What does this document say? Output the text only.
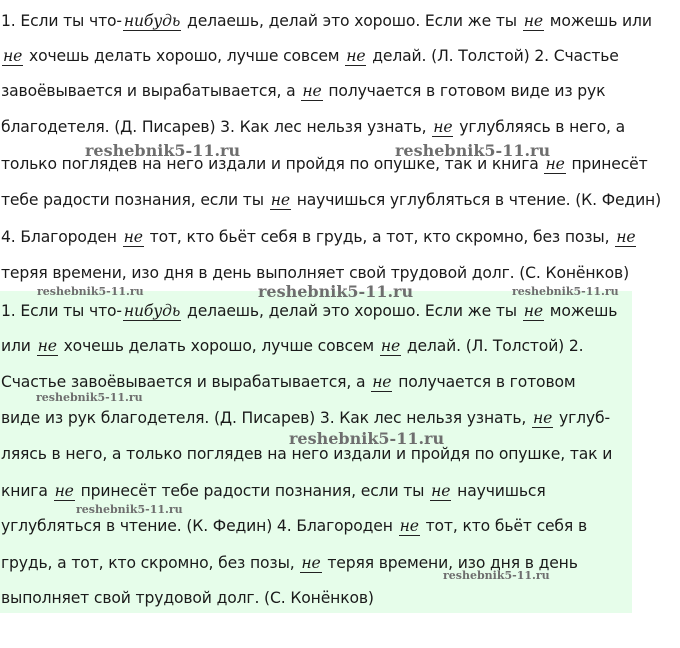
1. Если ты что- нибудь делаешь, делай это хорошо. Если же ты не можешь или
не хочешь делать хорошо, лучше совсем не делай. (Л. Толстой) 2. Счастье
завоёвывается и вырабатывается, а не получается в готовом виде из рук
благодетеля. (Д. Писарев) 3. Как лес нельзя узнать, не углубляясь в него, а
только поглядев на него издали и пройдя по опушке, так и книга не принесёт
тебе радости познания, если ты не научишься углубляться в чтение. (К. Федин)
4. Благороден не тот, кто бьёт себя в грудь, а тот, кто скромно, без позы, не
теряя времени, изо дня в день выполняет свой трудовой долг. (С. Конёнков)
1. Если ты что- нибудь делаешь, делай это хорошо. Если же ты не можешь
или не хочешь делать хорошо, лучше совсем не делай. (Л. Толстой) 2.
Счастье завоёвывается и вырабатывается, а не получается в готовом
виде из рук благодетеля. (Д. Писарев) 3. Как лес нельзя узнать, не углуб-
ляясь в него, а только поглядев на него издали и пройдя по опушке, так и
книга не принесёт тебе радости познания, если ты не научишься
углубляться в чтение. (К. Федин) 4. Благороден не тот, кто бьёт себя в
грудь, а тот, кто скромно, без позы, не теряя времени, изо дня в день
выполняет свой трудовой долг. (С. Конёнков)
reshebnik5-11.ru	reshebnik5-11.ru
reshebnik5-11.ru	reshebnik5-11.ru	reshebnik5-11.ru
reshebnik5-11.ru
reshebnik5-11.ru
reshebnik5-11.ru
reshebnik5-11.ru
